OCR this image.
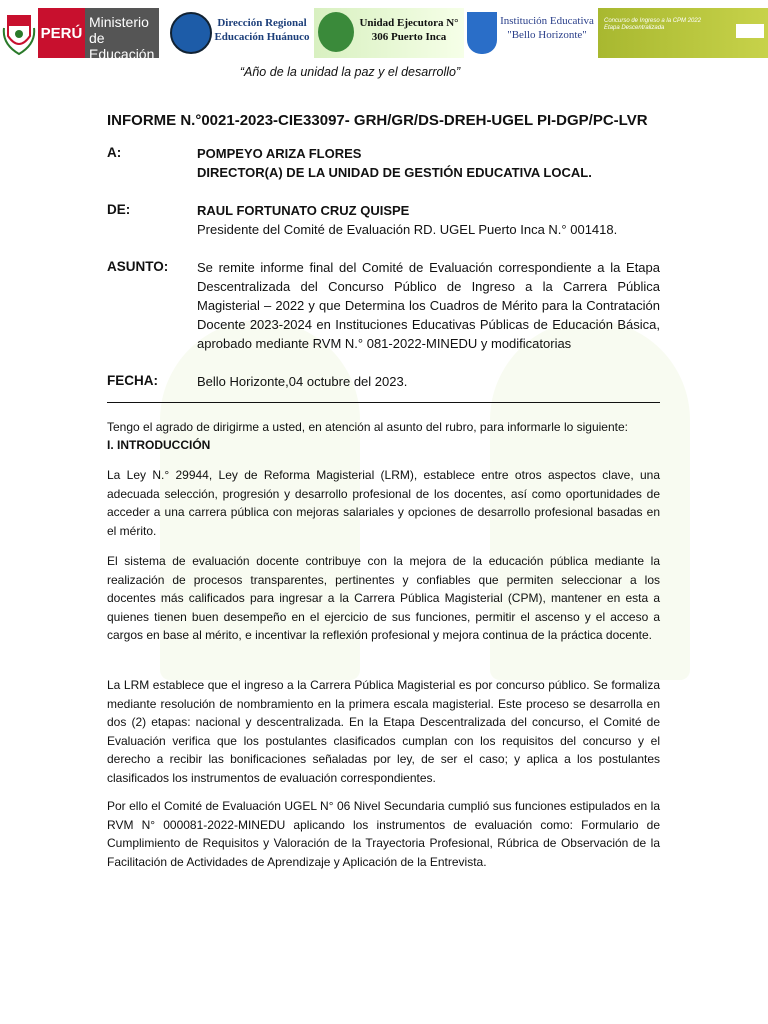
PERÚ
Ministerio de Educación
Dirección Regional Educación Huánuco
Unidad Ejecutora N° 306 Puerto Inca
Institución Educativa "Bello Horizonte"
Concurso de Ingreso a la CPM 2022 Etapa Descentralizada
“Año de la unidad la paz y el desarrollo”
INFORME N.°0021-2023-CIE33097- GRH/GR/DS-DREH-UGEL PI-DGP/PC-LVR
A:	POMPEYO ARIZA FLORES
DIRECTOR(A) DE LA UNIDAD DE GESTIÓN EDUCATIVA LOCAL.
DE:	RAUL FORTUNATO CRUZ QUISPE
Presidente del Comité de Evaluación RD. UGEL Puerto Inca N.° 001418.
ASUNTO: Se remite informe final del Comité de Evaluación correspondiente a la Etapa Descentralizada del Concurso Público de Ingreso a la Carrera Pública Magisterial – 2022 y que Determina los Cuadros de Mérito para la Contratación Docente 2023-2024 en Instituciones Educativas Públicas de Educación Básica, aprobado mediante RVM N.° 081-2022-MINEDU y modificatorias
FECHA:	Bello Horizonte,04 octubre del 2023.
Tengo el agrado de dirigirme a usted, en atención al asunto del rubro, para informarle lo siguiente:
I. INTRODUCCIÓN
La Ley N.° 29944, Ley de Reforma Magisterial (LRM), establece entre otros aspectos clave, una adecuada selección, progresión y desarrollo profesional de los docentes, así como oportunidades de acceder a una carrera pública con mejoras salariales y opciones de desarrollo profesional basadas en el mérito.
El sistema de evaluación docente contribuye con la mejora de la educación pública mediante la realización de procesos transparentes, pertinentes y confiables que permiten seleccionar a los docentes más calificados para ingresar a la Carrera Pública Magisterial (CPM), mantener en esta a quienes tienen buen desempeño en el ejercicio de sus funciones, permitir el ascenso y el acceso a cargos en base al mérito, e incentivar la reflexión profesional y mejora continua de la práctica docente.
La LRM establece que el ingreso a la Carrera Pública Magisterial es por concurso público. Se formaliza mediante resolución de nombramiento en la primera escala magisterial. Este proceso se desarrolla en dos (2) etapas: nacional y descentralizada. En la Etapa Descentralizada del concurso, el Comité de Evaluación verifica que los postulantes clasificados cumplan con los requisitos del concurso y el derecho a recibir las bonificaciones señaladas por ley, de ser el caso; y aplica a los postulantes clasificados los instrumentos de evaluación correspondientes.
Por ello el Comité de Evaluación UGEL N° 06 Nivel Secundaria cumplió sus funciones estipulados en la RVM N° 000081-2022-MINEDU aplicando los instrumentos de evaluación como: Formulario de Cumplimiento de Requisitos y Valoración de la Trayectoria Profesional, Rúbrica de Observación de la Facilitación de Actividades de Aprendizaje y Aplicación de la Entrevista.
